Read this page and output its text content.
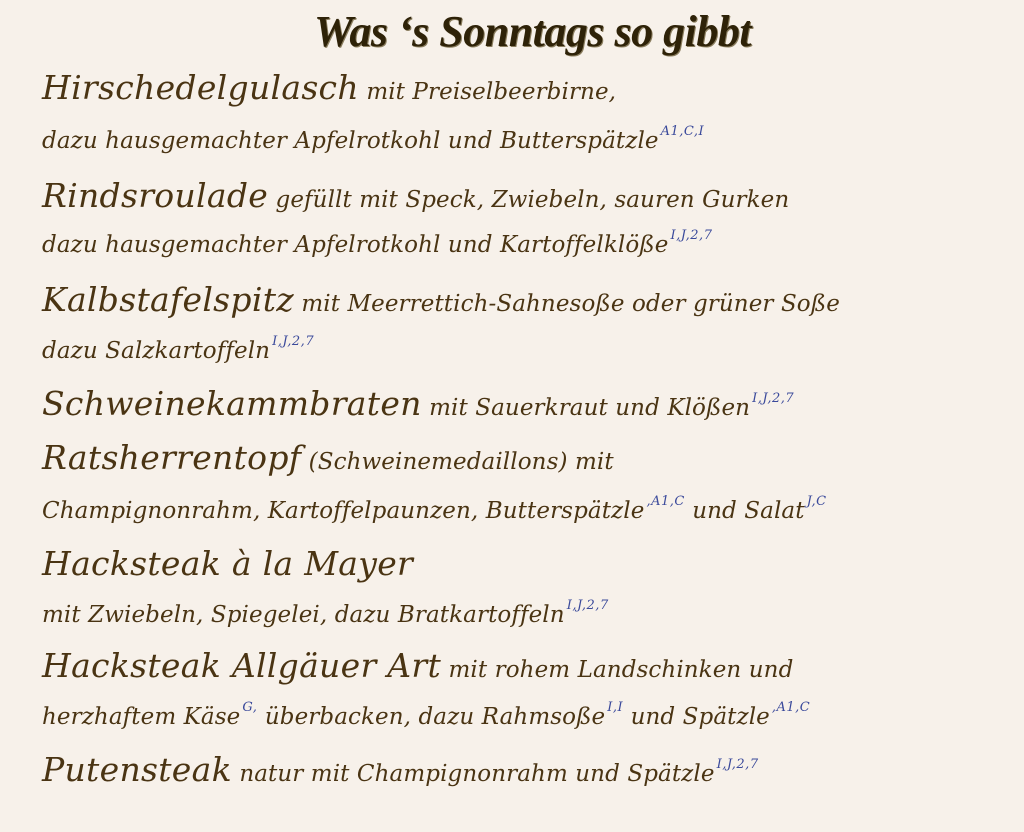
Was ‘s Sonntags so gibbt
Hirschedelgulasch mit Preiselbeerbirne,
dazu hausgemachter Apfelrotkohl und Butterspätzle $^{A1,C,I}$
Rindsroulade gefüllt mit Speck, Zwiebeln, sauren Gurken
dazu hausgemachter Apfelrotkohl und Kartoffelklöße $^{I,J,2,7}$
Kalbstafelspitz mit Meerrettich-Sahnesoße oder grüner Soße
dazu Salzkartoffeln $^{I,J,2,7}$
Schweinekammbraten mit Sauerkraut und Klößen $^{I,J,2,7}$
Ratsherrentopf (Schweinemedaillons) mit
Champignonrahm, Kartoffelpaunzen, Butterspätzle $^{,A1,C}$ und Salat $^{J,C}$
Hacksteak à la Mayer
mit Zwiebeln, Spiegelei, dazu Bratkartoffeln $^{I,J,2,7}$
Hacksteak Allgäuer Art mit rohem Landschinken und
herzhaftem Käse $^{G,}$ überbacken, dazu Rahmsoße $^{I,I}$ und Spätzle $^{,A1,C}$
Putensteak natur mit Champignonrahm und Spätzle $^{I,J,2,7}$
